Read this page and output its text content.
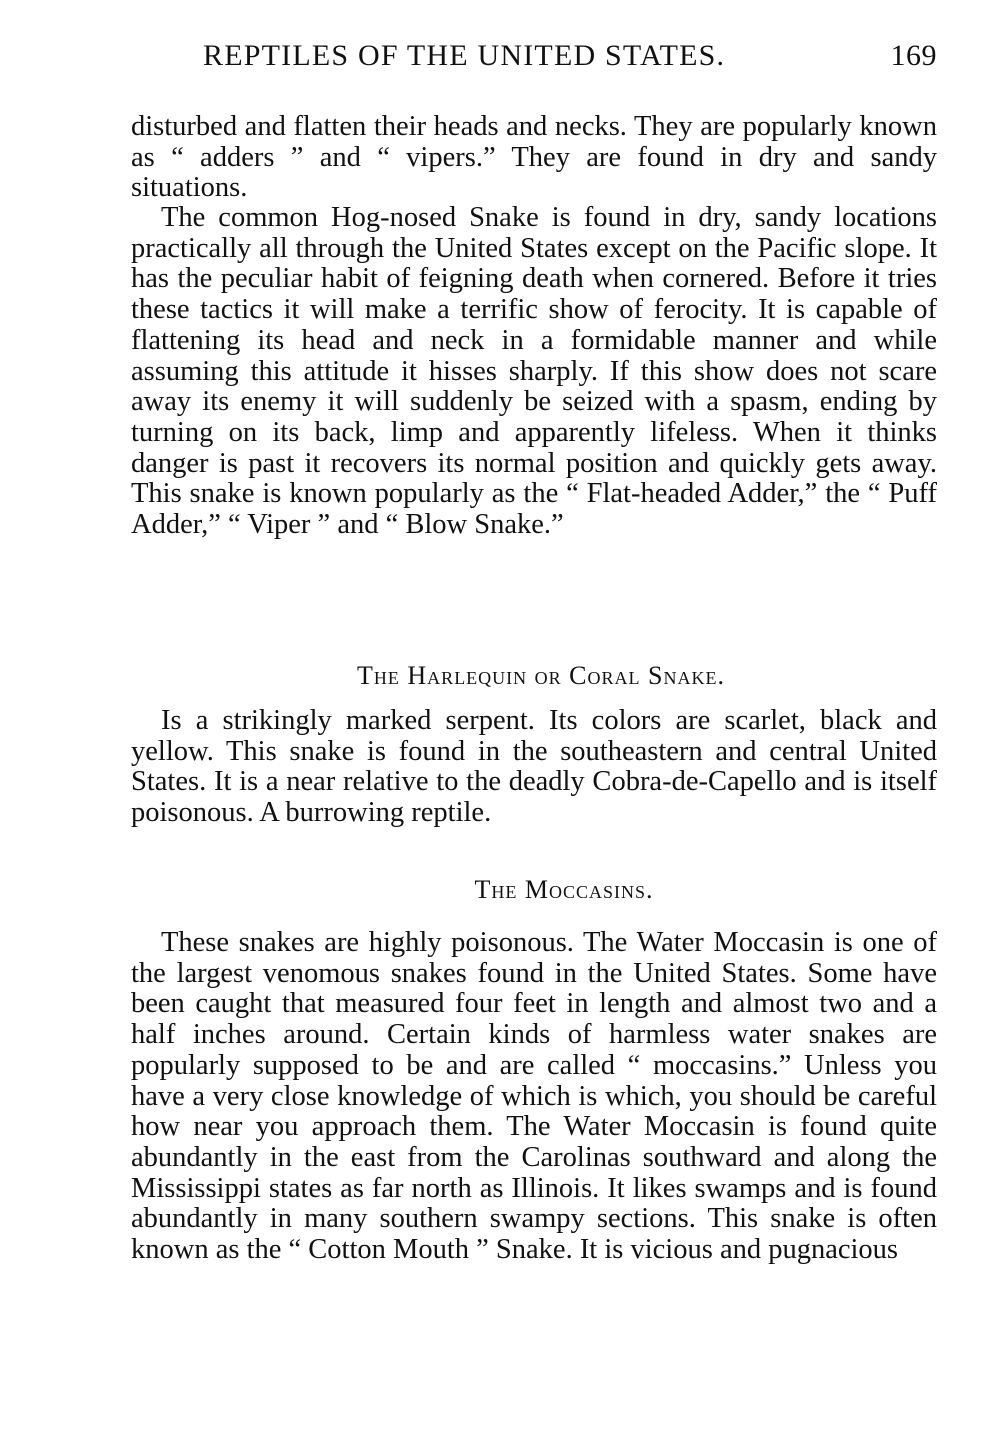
REPTILES OF THE UNITED STATES.	169

disturbed and flatten their heads and necks. They are popularly known as “ adders ” and “ vipers.” They are found in dry and sandy situations.

The common Hog-nosed Snake is found in dry, sandy locations practically all through the United States except on the Pacific slope. It has the peculiar habit of feigning death when cornered. Before it tries these tactics it will make a terrific show of ferocity. It is capable of flattening its head and neck in a formidable manner and while assuming this attitude it hisses sharply. If this show does not scare away its enemy it will suddenly be seized with a spasm, ending by turning on its back, limp and apparently lifeless. When it thinks danger is past it recovers its normal position and quickly gets away. This snake is known popularly as the “ Flat-headed Adder,” the “ Puff Adder,” “ Viper ” and “ Blow Snake.”

The Harlequin or Coral Snake.

Is a strikingly marked serpent. Its colors are scarlet, black and yellow. This snake is found in the southeastern and central United States. It is a near relative to the deadly Cobra-de-Capello and is itself poisonous. A burrowing reptile.

The Moccasins.

These snakes are highly poisonous. The Water Moccasin is one of the largest venomous snakes found in the United States. Some have been caught that measured four feet in length and almost two and a half inches around. Certain kinds of harmless water snakes are popularly supposed to be and are called “ moccasins.” Unless you have a very close knowledge of which is which, you should be careful how near you approach them. The Water Moccasin is found quite abundantly in the east from the Carolinas southward and along the Mississippi states as far north as Illinois. It likes swamps and is found abundantly in many southern swampy sections. This snake is often known as the “ Cotton Mouth ” Snake. It is vicious and pugnacious
